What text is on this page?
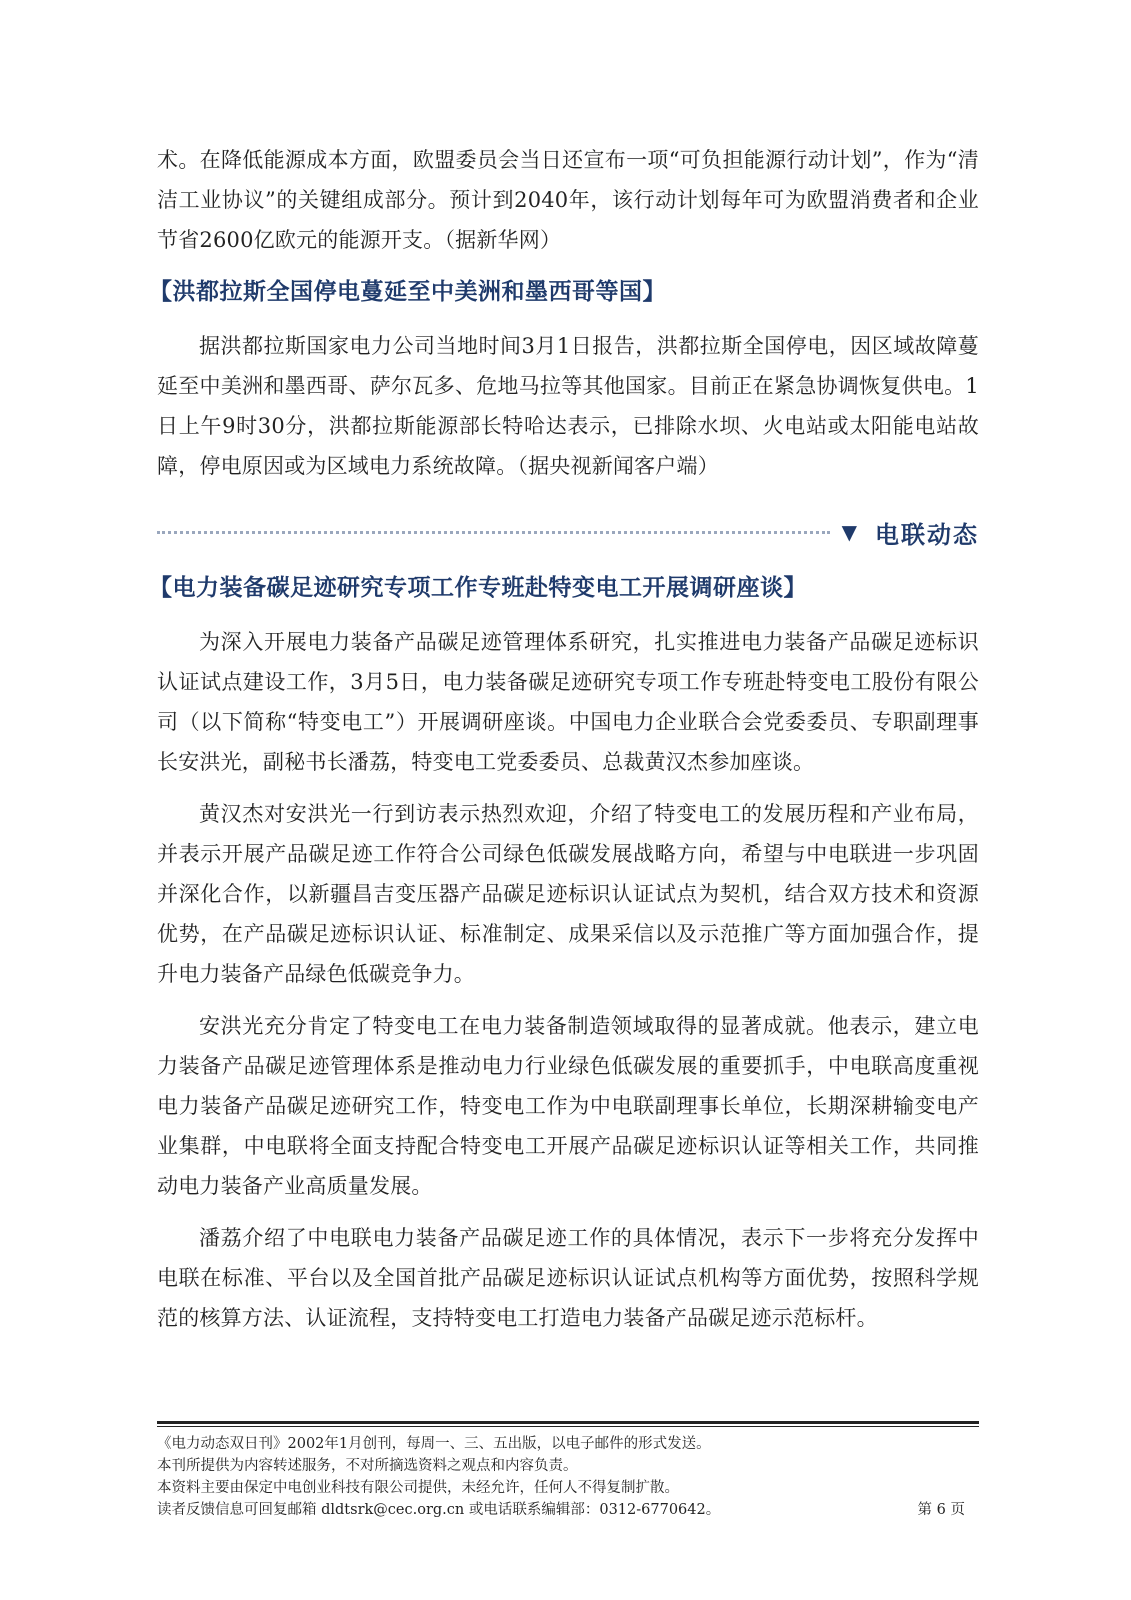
术。在降低能源成本方面，欧盟委员会当日还宣布一项“可负担能源行动计划”，作为“清洁工业协议”的关键组成部分。预计到2040年，该行动计划每年可为欧盟消费者和企业节省2600亿欧元的能源开支。（据新华网）

【洪都拉斯全国停电蔓延至中美洲和墨西哥等国】

据洪都拉斯国家电力公司当地时间3月1日报告，洪都拉斯全国停电，因区域故障蔓延至中美洲和墨西哥、萨尔瓦多、危地马拉等其他国家。目前正在紧急协调恢复供电。1日上午9时30分，洪都拉斯能源部长特哈达表示，已排除水坝、火电站或太阳能电站故障，停电原因或为区域电力系统故障。（据央视新闻客户端）

▼ 电联动态
【电力装备碳足迹研究专项工作专班赴特变电工开展调研座谈】

为深入开展电力装备产品碳足迹管理体系研究，扎实推进电力装备产品碳足迹标识认证试点建设工作，3月5日，电力装备碳足迹研究专项工作专班赴特变电工股份有限公司（以下简称“特变电工”）开展调研座谈。中国电力企业联合会党委委员、专职副理事长安洪光，副秘书长潘荔，特变电工党委委员、总裁黄汉杰参加座谈。

黄汉杰对安洪光一行到访表示热烈欢迎，介绍了特变电工的发展历程和产业布局，并表示开展产品碳足迹工作符合公司绿色低碳发展战略方向，希望与中电联进一步巩固并深化合作，以新疆昌吉变压器产品碳足迹标识认证试点为契机，结合双方技术和资源优势，在产品碳足迹标识认证、标准制定、成果采信以及示范推广等方面加强合作，提升电力装备产品绿色低碳竞争力。

安洪光充分肯定了特变电工在电力装备制造领域取得的显著成就。他表示，建立电力装备产品碳足迹管理体系是推动电力行业绿色低碳发展的重要抓手，中电联高度重视电力装备产品碳足迹研究工作，特变电工作为中电联副理事长单位，长期深耕输变电产业集群，中电联将全面支持配合特变电工开展产品碳足迹标识认证等相关工作，共同推动电力装备产业高质量发展。

潘荔介绍了中电联电力装备产品碳足迹工作的具体情况，表示下一步将充分发挥中电联在标准、平台以及全国首批产品碳足迹标识认证试点机构等方面优势，按照科学规范的核算方法、认证流程，支持特变电工打造电力装备产品碳足迹示范标杆。

《电力动态双日刊》2002年1月创刊，每周一、三、五出版，以电子邮件的形式发送。
本刊所提供为内容转述服务，不对所摘选资料之观点和内容负责。
本资料主要由保定中电创业科技有限公司提供，未经允许，任何人不得复制扩散。
读者反馈信息可回复邮箱 dldtsrk@cec.org.cn 或电话联系编辑部：0312-6770642。	第 6 页
